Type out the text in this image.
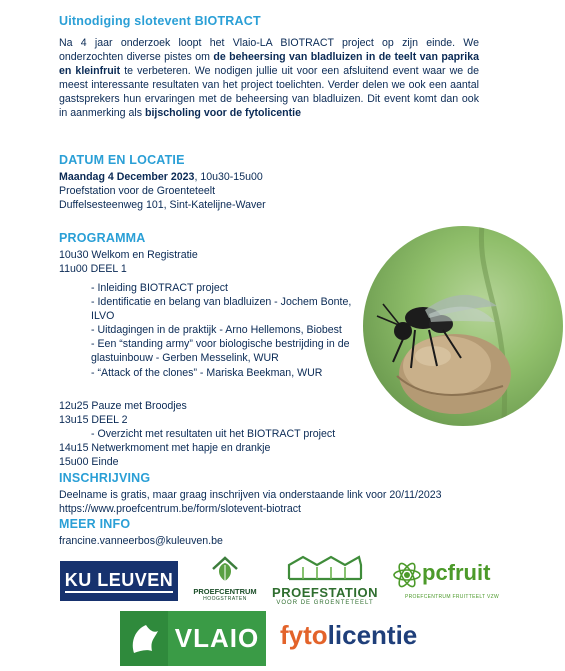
Uitnodiging slotevent BIOTRACT
Na 4 jaar onderzoek loopt het Vlaio-LA BIOTRACT project op zijn einde. We onderzochten diverse pistes om de beheersing van bladluizen in de teelt van paprika en kleinfruit te verbeteren. We nodigen jullie uit voor een afsluitend event waar we de meest interessante resultaten van het project toelichten. Verder delen we ook een aantal gastsprekers hun ervaringen met de beheersing van bladluizen. Dit event komt dan ook in aanmerking als bijscholing voor de fytolicentie
DATUM EN LOCATIE
Maandag 4 December 2023, 10u30-15u00
Proefstation voor de Groenteteelt
Duffelsesteenweg 101, Sint-Katelijne-Waver
PROGRAMMA
10u30 Welkom en Registratie
11u00 DEEL 1
- Inleiding BIOTRACT project
- Identificatie en belang van bladluizen - Jochem Bonte, ILVO
- Uitdagingen in de praktijk - Arno Hellemons, Biobest
- Een “standing army” voor biologische bestrijding in de glastuinbouw - Gerben Messelink, WUR
- “Attack of the clones” - Mariska Beekman, WUR
12u25 Pauze met Broodjes
13u15 DEEL 2
- Overzicht met resultaten uit het BIOTRACT project
14u15 Netwerkmoment met hapje en drankje
15u00 Einde
INSCHRIJVING
Deelname is gratis, maar graag inschrijven via onderstaande link voor 20/11/2023
https://www.proefcentrum.be/form/slotevent-biotract
MEER INFO
francine.vanneerbos@kuleuven.be
KU LEUVEN
PROEFCENTRUM
HOOGSTRATEN	PROEFSTATION
VOOR DE GROENTETEELT
pcfruit
PROEFCENTRUM FRUITTEELT VZW
VLAIO fytolicentie
